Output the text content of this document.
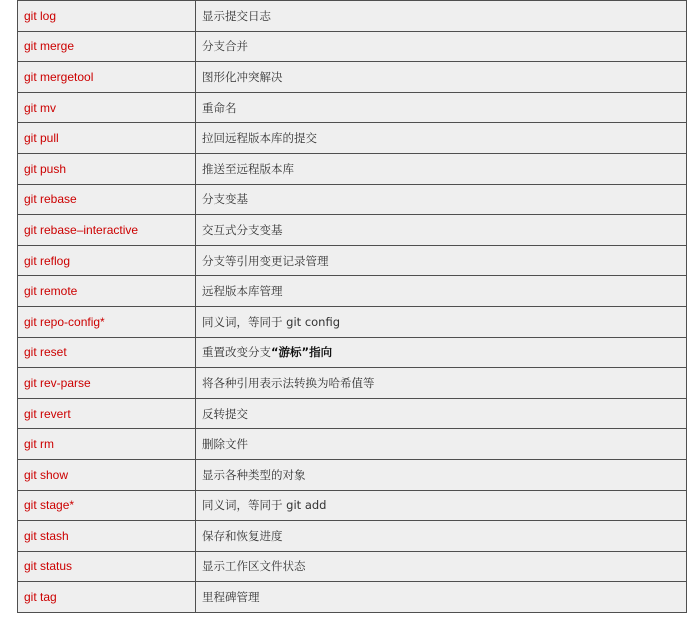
git log	显示提交日志
git merge	分支合并
git mergetool	图形化冲突解决
git mv	重命名
git pull	拉回远程版本库的提交
git push	推送至远程版本库
git rebase	分支变基
git rebase–interactive	交互式分支变基
git reflog	分支等引用变更记录管理
git remote	远程版本库管理
git repo-config*	同义词，等同于 git config
git reset	重置改变分支“游标”指向
git rev-parse	将各种引用表示法转换为哈希值等
git revert	反转提交
git rm	删除文件
git show	显示各种类型的对象
git stage*	同义词，等同于 git add
git stash	保存和恢复进度
git status	显示工作区文件状态
git tag	里程碑管理
